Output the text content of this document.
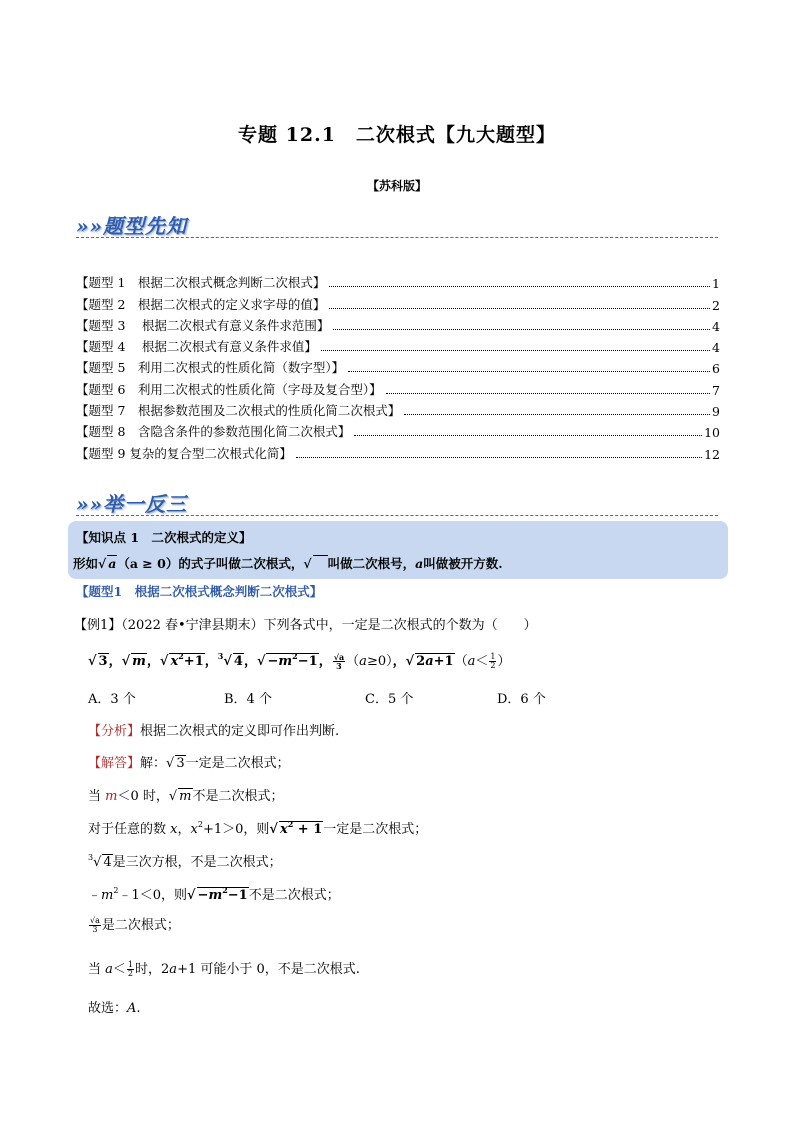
专题 12.1　二次根式【九大题型】
【苏科版】
»»题型先知
【题型 1　根据二次根式概念判断二次根式】	1
【题型 2　根据二次根式的定义求字母的值】	2
【题型 3　 根据二次根式有意义条件求范围】	4
【题型 4　 根据二次根式有意义条件求值】	4
【题型 5　利用二次根式的性质化简（数字型）】	6
【题型 6　利用二次根式的性质化简（字母及复合型）】	7
【题型 7　根据参数范围及二次根式的性质化简二次根式】	9
【题型 8　含隐含条件的参数范围化简二次根式】	10
【题型 9 复杂的复合型二次根式化简】	12
»»举一反三
【知识点 1　二次根式的定义】
形如√ a（a ≥ 0）的式子叫做二次根式，√ 叫做二次根号，a叫做被开方数.
【题型1　根据二次根式概念判断二次根式】
【例1】（2022 春•宁津县期末）下列各式中，一定是二次根式的个数为（　　）
√ 3，√ m，√ $x^2+1$，$^3$√ 4，√ $-m^2-1$， $\frac{√a}{3} (a\ge 0)$，√ $2a+1(a< \frac{1}{2}$ ）
A．3 个	B．4 个	C．5 个	D．6 个
【分析】根据二次根式的定义即可作出判断.
【解答】解：√ 3一定是二次根式；
当 m＜0 时，√ m不是二次根式；
对于任意的数 x，$x^2+1>0$，则√ $x^2 + 1$一定是二次根式；
$^3$√ 4是三次方根，不是二次根式；
$﹣m^2﹣1<0$，则√ $-m^2-1$不是二次根式；
$\frac{√a}{3}$ 是二次根式；
当 $a< \frac{1}{2}$ 时，2a+1 可能小于 0，不是二次根式.
故选：A.
